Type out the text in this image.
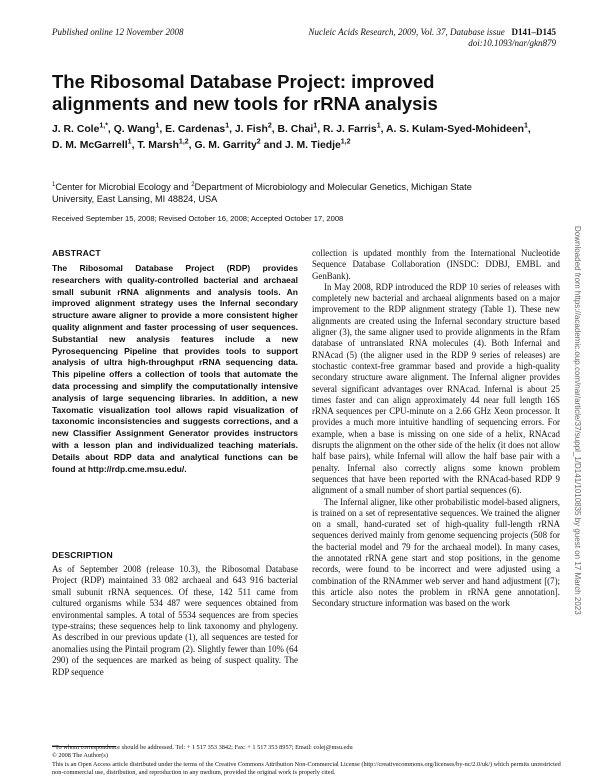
Published online 12 November 2008	Nucleic Acids Research, 2009, Vol. 37, Database issue D141–D145
doi:10.1093/nar/gkn879
The Ribosomal Database Project: improved alignments and new tools for rRNA analysis
J. R. Cole$^{1,*}$, Q. Wang$^1$, E. Cardenas$^1$, J. Fish$^2$, B. Chai$^1$, R. J. Farris$^1$, A. S. Kulam-Syed-Mohideen$^1$, D. M. McGarrell$^1$, T. Marsh$^{1,2}$, G. M. Garrity$^2$ and J. M. Tiedje$^{1,2}$
$^1$Center for Microbial Ecology and $^2$Department of Microbiology and Molecular Genetics, Michigan State University, East Lansing, MI 48824, USA
Received September 15, 2008; Revised October 16, 2008; Accepted October 17, 2008
Downloaded from https://academic.oup.com/nar/article/37/suppl_1/D141/1010835 by guest on 17 March 2023
ABSTRACT

The Ribosomal Database Project (RDP) provides researchers with quality-controlled bacterial and archaeal small subunit rRNA alignments and analysis tools. An improved alignment strategy uses the Infernal secondary structure aware aligner to provide a more consistent higher quality alignment and faster processing of user sequences. Substantial new analysis features include a new Pyrosequencing Pipeline that provides tools to support analysis of ultra high-throughput rRNA sequencing data. This pipeline offers a collection of tools that automate the data processing and simplify the computationally intensive analysis of large sequencing libraries. In addition, a new Taxomatic visualization tool allows rapid visualization of taxonomic inconsistencies and suggests corrections, and a new Classifier Assignment Generator provides instructors with a lesson plan and individualized teaching materials. Details about RDP data and analytical functions can be found at http://rdp.cme.msu.edu/.

DESCRIPTION

As of September 2008 (release 10.3), the Ribosomal Database Project (RDP) maintained 33 082 archaeal and 643 916 bacterial small subunit rRNA sequences. Of these, 142 511 came from cultured organisms while 534 487 were sequences obtained from environmental samples. A total of 5534 sequences are from species type-strains; these sequences help to link taxonomy and phylogeny. As described in our previous update (1), all sequences are tested for anomalies using the Pintail program (2). Slightly fewer than 10% (64 290) of the sequences are marked as being of suspect quality. The RDP sequence

collection is updated monthly from the International Nucleotide Sequence Database Collaboration (INSDC: DDBJ, EMBL and GenBank).

In May 2008, RDP introduced the RDP 10 series of releases with completely new bacterial and archaeal alignments based on a major improvement to the RDP alignment strategy (Table 1). These new alignments are created using the Infernal secondary structure based aligner (3), the same aligner used to provide alignments in the Rfam database of untranslated RNA molecules (4). Both Infernal and RNAcad (5) (the aligner used in the RDP 9 series of releases) are stochastic context-free grammar based and provide a high-quality secondary structure aware alignment. The Infernal aligner provides several significant advantages over RNAcad. Infernal is about 25 times faster and can align approximately 44 near full length 16S rRNA sequences per CPU-minute on a 2.66 GHz Xeon processor. It provides a much more intuitive handling of sequencing errors. For example, when a base is missing on one side of a helix, RNAcad disrupts the alignment on the other side of the helix (it does not allow half base pairs), while Infernal will allow the half base pair with a penalty. Infernal also correctly aligns some known problem sequences that have been reported with the RNAcad-based RDP 9 alignment of a small number of short partial sequences (6).

The Infernal aligner, like other probabilistic model-based aligners, is trained on a set of representative sequences. We trained the aligner on a small, hand-curated set of high-quality full-length rRNA sequences derived mainly from genome sequencing projects (508 for the bacterial model and 79 for the archaeal model). In many cases, the annotated rRNA gene start and stop positions, in the genome records, were found to be incorrect and were adjusted using a combination of the RNAmmer web server and hand adjustment [(7); this article also notes the problem in rRNA gene annotation]. Secondary structure information was based on the work

*To whom correspondence should be addressed. Tel: + 1 517 353 3842; Fax: + 1 517 353 8957; Email: colej@msu.edu

© 2008 The Author(s)

This is an Open Access article distributed under the terms of the Creative Commons Attribution Non-Commercial License (http://creativecommons.org/licenses/by-nc/2.0/uk/) which permits unrestricted non-commercial use, distribution, and reproduction in any medium, provided the original work is properly cited.
